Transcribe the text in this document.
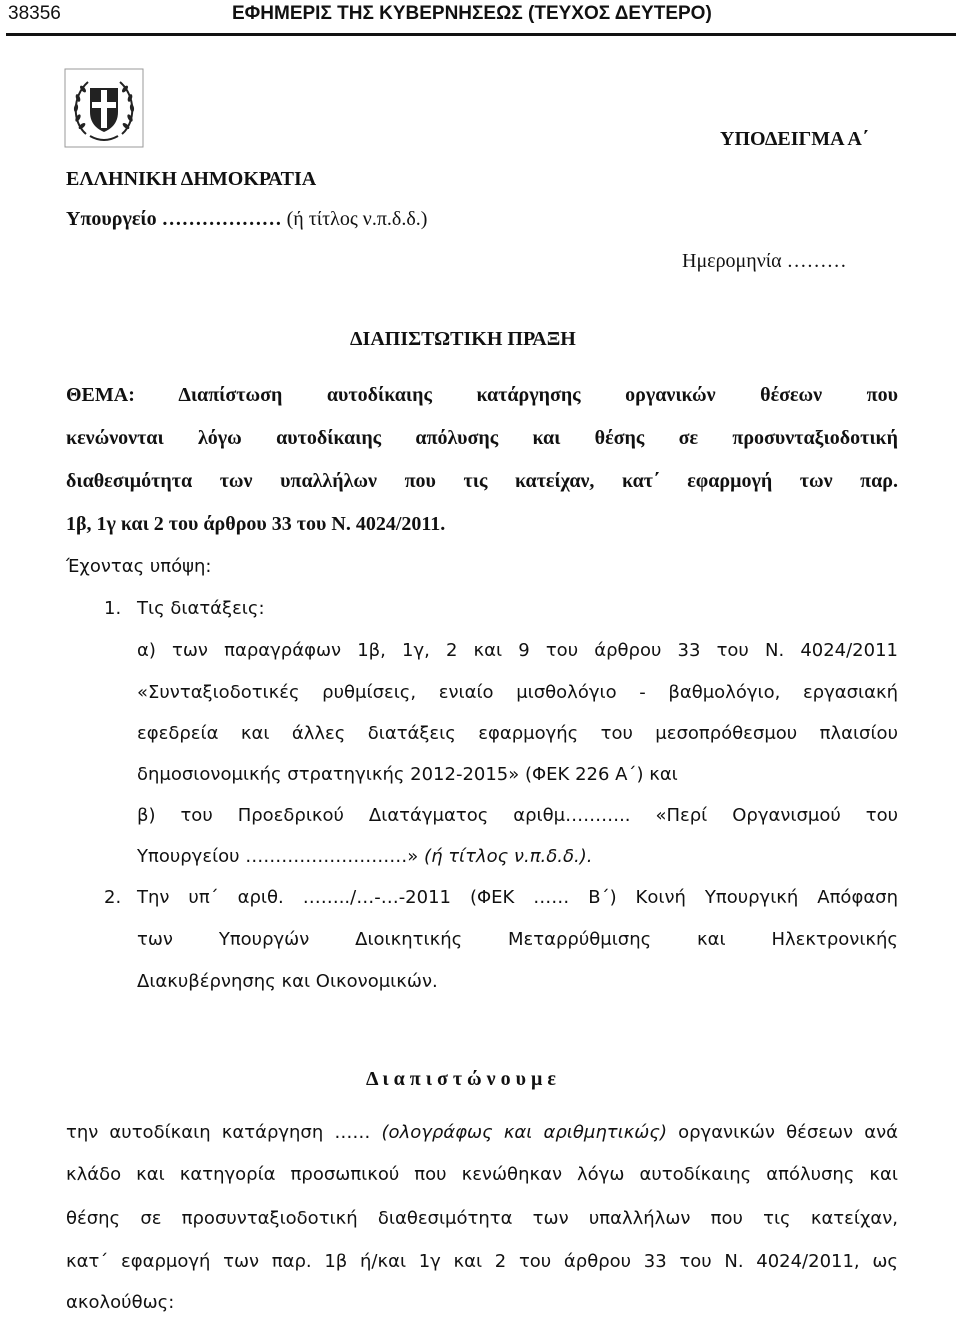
38356	ΕΦΗΜΕΡΙΣ ΤΗΣ ΚΥΒΕΡΝΗΣΕΩΣ (ΤΕΥΧΟΣ ΔΕΥΤΕΡΟ)
ΥΠΟΔΕΙΓΜΑ Α΄
ΕΛΛΗΝΙΚΗ ΔΗΜΟΚΡΑΤΙΑ
Υπουργείο ……………… (ή τίτλος ν.π.δ.δ.)
Ημερομηνία ………
ΔΙΑΠΙΣΤΩΤΙΚΗ ΠΡΑΞΗ
ΘΕΜΑ: Διαπίστωση αυτοδίκαιης κατάργησης οργανικών θέσεων που
κενώνονται λόγω αυτοδίκαιης απόλυσης και θέσης σε προσυνταξιοδοτική
διαθεσιμότητα των υπαλλήλων που τις κατείχαν, κατ΄ εφαρμογή των παρ.
1β, 1γ και 2 του άρθρου 33 του Ν. 4024/2011.
Έχοντας υπόψη:
1. Τις διατάξεις:
α) των παραγράφων 1β, 1γ, 2 και 9 του άρθρου 33 του Ν. 4024/2011
«Συνταξιοδοτικές ρυθμίσεις, ενιαίο μισθολόγιο - βαθμολόγιο, εργασιακή
εφεδρεία και άλλες διατάξεις εφαρμογής του μεσοπρόθεσμου πλαισίου
δημοσιονομικής στρατηγικής 2012-2015» (ΦΕΚ 226 Α΄) και
β) του Προεδρικού Διατάγματος αριθμ……….. «Περί Οργανισμού του
Υπουργείου ………………………» (ή τίτλος ν.π.δ.δ.).
2. Την υπ΄ αριθ. ……../…-…-2011 (ΦΕΚ …… Β΄) Κοινή Υπουργική Απόφαση
των Υπουργών Διοικητικής Μεταρρύθμισης και Ηλεκτρονικής
Διακυβέρνησης και Οικονομικών.
Δ ι α π ι σ τ ώ ν ο υ μ ε
την αυτοδίκαιη κατάργηση …… (ολογράφως και αριθμητικώς) οργανικών θέσεων ανά
κλάδο και κατηγορία προσωπικού που κενώθηκαν λόγω αυτοδίκαιης απόλυσης και
θέσης σε προσυνταξιοδοτική διαθεσιμότητα των υπαλλήλων που τις κατείχαν,
κατ΄ εφαρμογή των παρ. 1β ή/και 1γ και 2 του άρθρου 33 του Ν. 4024/2011, ως
ακολούθως:
